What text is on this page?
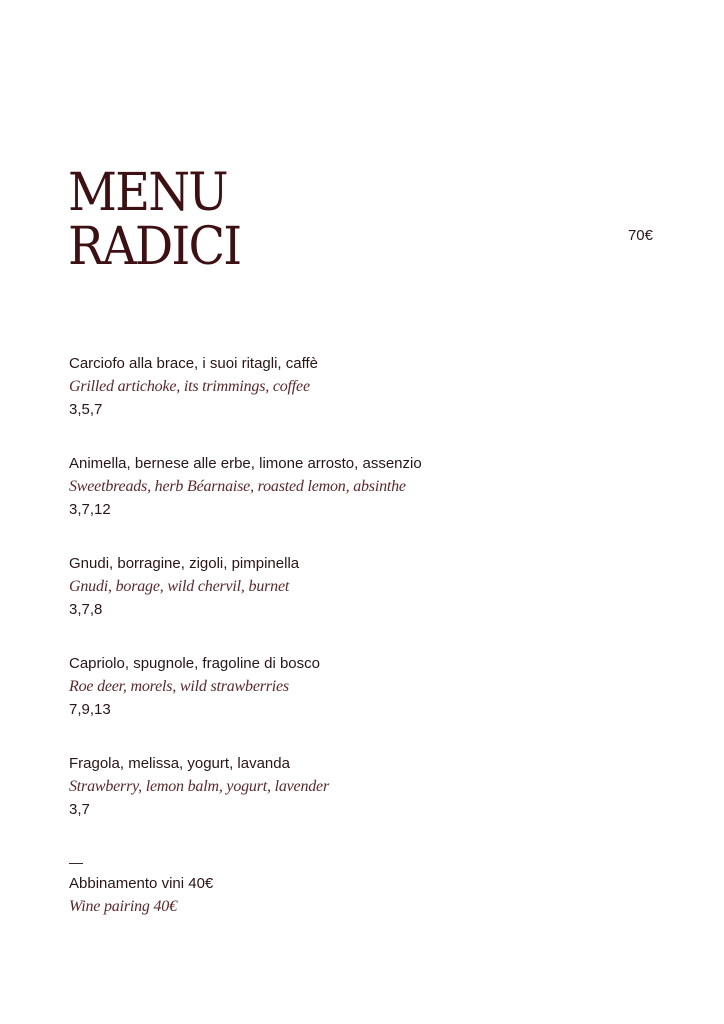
MENU
RADICI	70€
Carciofo alla brace, i suoi ritagli, caffè
Grilled artichoke, its trimmings, coffee
3,5,7
Animella, bernese alle erbe, limone arrosto, assenzio
Sweetbreads, herb Béarnaise, roasted lemon, absinthe
3,7,12
Gnudi, borragine, zigoli, pimpinella
Gnudi, borage, wild chervil, burnet
3,7,8
Capriolo, spugnole, fragoline di bosco
Roe deer, morels, wild strawberries
7,9,13
Fragola, melissa, yogurt, lavanda
Strawberry, lemon balm, yogurt, lavender
3,7
—
Abbinamento vini 40€
Wine pairing 40€
